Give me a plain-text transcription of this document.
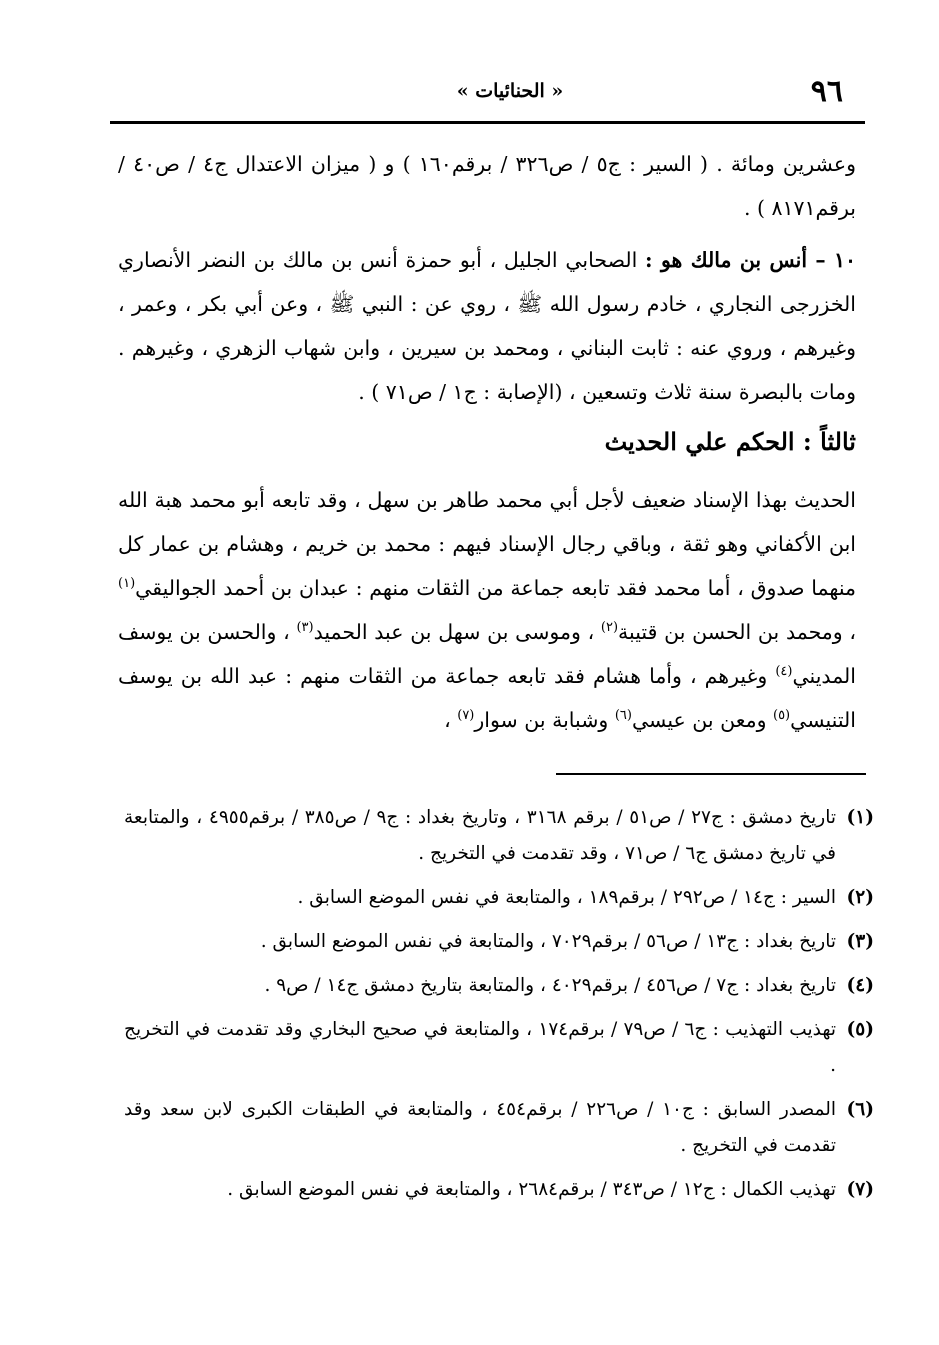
٩٦
« الحنائيات »

وعشرين ومائة . ( السير : ج٥ / ص٣٢٦ / برقم١٦٠ ) و ( ميزان الاعتدال ج٤ / ص٤٠ / برقم٨١٧١ ) .

١٠ – أنس بن مالك هو : الصحابي الجليل ، أبو حمزة أنس بن مالك بن النضر الأنصاري الخزرجى النجاري ، خادم رسول الله ﷺ ، روي عن : النبي ﷺ ، وعن أبي بكر ، وعمر ، وغيرهم ، وروي عنه : ثابت البناني ، ومحمد بن سيرين ، وابن شهاب الزهري ، وغيرهم . ومات بالبصرة سنة ثلاث وتسعين ، (الإصابة : ج١ / ص٧١ ) .

ثالثاً : الحكم علي الحديث

الحديث بهذا الإسناد ضعيف لأجل أبي محمد طاهر بن سهل ، وقد تابعه أبو محمد هبة الله ابن الأكفاني وهو ثقة ، وباقي رجال الإسناد فيهم : محمد بن خريم ، وهشام بن عمار كل منهما صدوق ، أما محمد فقد تابعه جماعة من الثقات منهم : عبدان بن أحمد الجواليقي$^{(١)}$ ، ومحمد بن الحسن بن قتيبة$^{(٢)}$ ، وموسى بن سهل بن عبد الحميد$^{(٣)}$ ، والحسن بن يوسف المديني$^{(٤)}$ وغيرهم ، وأما هشام فقد تابعه جماعة من الثقات منهم : عبد الله بن يوسف التنيسي$^{(٥)}$ ومعن بن عيسي$^{(٦)}$ وشبابة بن سوار$^{(٧)}$ ،

(١)
تاريخ دمشق : ج٢٧ / ص٥١ / برقم ٣١٦٨ ، وتاريخ بغداد : ج٩ / ص٣٨٥ / برقم٤٩٥٥ ، والمتابعة في تاريخ دمشق ج٦ / ص٧١ ، وقد تقدمت في التخريج .
(٢)
السير : ج١٤ / ص٢٩٢ / برقم١٨٩ ، والمتابعة في نفس الموضع السابق .
(٣)
تاريخ بغداد : ج١٣ / ص٥٦ / برقم٧٠٢٩ ، والمتابعة في نفس الموضع السابق .
(٤)
تاريخ بغداد : ج٧ / ص٤٥٦ / برقم٤٠٢٩ ، والمتابعة بتاريخ دمشق ج١٤ / ص٩ .
(٥)
تهذيب التهذيب : ج٦ / ص٧٩ / برقم١٧٤ ، والمتابعة في صحيح البخاري وقد تقدمت في التخريج .
(٦)
المصدر السابق : ج١٠ / ص٢٢٦ / برقم٤٥٤ ، والمتابعة في الطبقات الكبرى لابن سعد وقد تقدمت في التخريج .
(٧)
تهذيب الكمال : ج١٢ / ص٣٤٣ / برقم٢٦٨٤ ، والمتابعة في نفس الموضع السابق .
